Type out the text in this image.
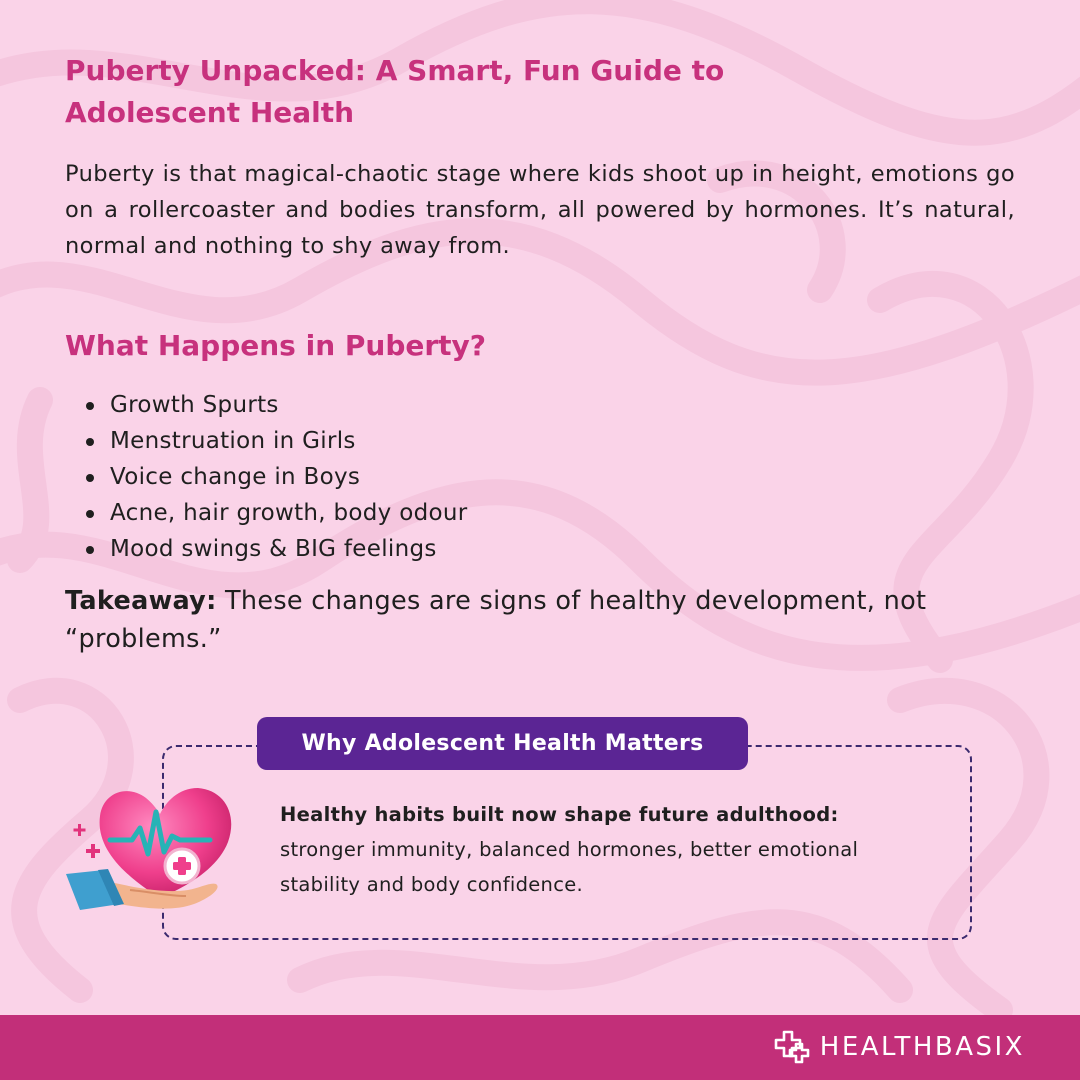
Puberty Unpacked: A Smart, Fun Guide to
Adolescent Health

Puberty is that magical-chaotic stage where kids shoot up in height, emotions go on a rollercoaster and bodies transform, all powered by hormones. It’s natural, normal and nothing to shy away from.

What Happens in Puberty?
Growth Spurts
Menstruation in Girls
Voice change in Boys
Acne, hair growth, body odour
Mood swings & BIG feelings

Takeaway: These changes are signs of healthy development, not “problems.”

Why Adolescent Health Matters
Healthy habits built now shape future adulthood:
stronger immunity, balanced hormones, better emotional stability and body confidence.
HEALTHBASIX
